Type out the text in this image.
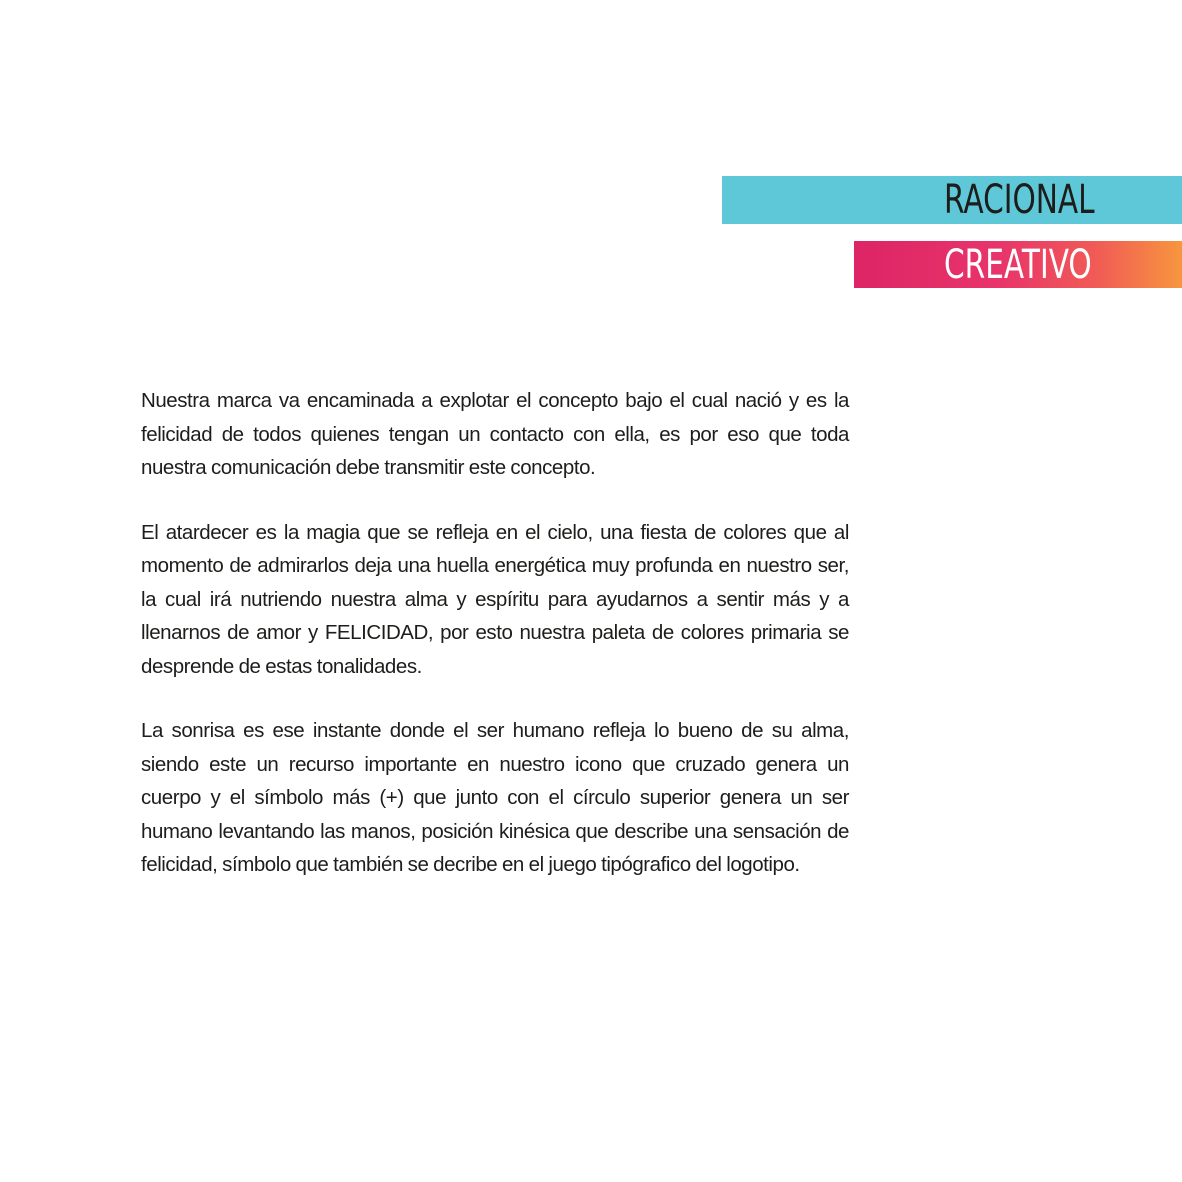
RACIONAL
CREATIVO

Nuestra marca va encaminada a explotar el concepto bajo el cual nació y es la felicidad de todos quienes tengan un contacto con ella, es por eso que toda nuestra comunicación debe transmitir este concepto.

El atardecer es la magia que se refleja en el cielo, una fiesta de colores que al momento de admirarlos deja una huella energética muy profunda en nuestro ser, la cual irá nutriendo nuestra alma y espíritu para ayudarnos a sentir más y a llenarnos de amor y FELICIDAD, por esto nuestra paleta de colores primaria se desprende de estas tonalidades.

La sonrisa es ese instante donde el ser humano refleja lo bueno de su alma, siendo este un recurso importante en nuestro icono que cruzado genera un cuerpo y el símbolo más (+) que junto con el círculo superior genera un ser humano levantando las manos, posición kinésica que describe una sensación de felicidad, símbolo que también se decribe en el juego tipógrafico del logotipo.
